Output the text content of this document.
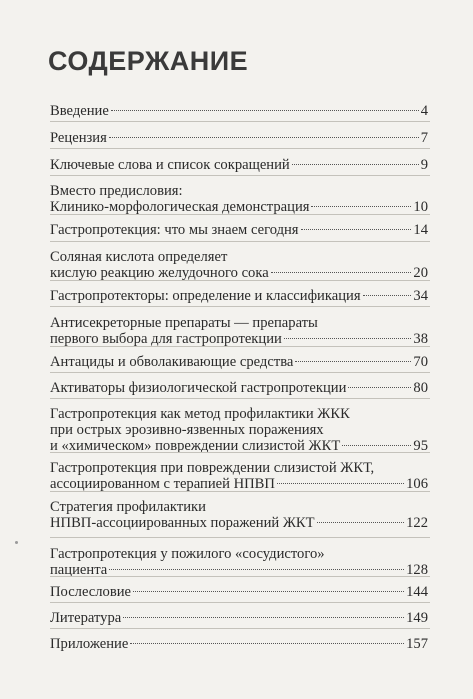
СОДЕРЖАНИЕ
Введение	4
Рецензия	7
Ключевые слова и список сокращений	9
Вместо предисловия:
Клинико-морфологическая демонстрация	10
Гастропротекция: что мы знаем сегодня	14
Соляная кислота определяет
кислую реакцию желудочного сока	20
Гастропротекторы: определение и классификация	34
Антисекреторные препараты — препараты
первого выбора для гастропротекции	38
Антациды и обволакивающие средства	70
Активаторы физиологической гастропротекции	80
Гастропротекция как метод профилактики ЖКК
при острых эрозивно-язвенных поражениях
и «химическом» повреждении слизистой ЖКТ	95
Гастропротекция при повреждении слизистой ЖКТ,
ассоциированном с терапией НПВП	106
Стратегия профилактики
НПВП-ассоциированных поражений ЖКТ	122
Гастропротекция у пожилого «сосудистого»
пациента	128
Послесловие	144
Литература	149
Приложение	157
